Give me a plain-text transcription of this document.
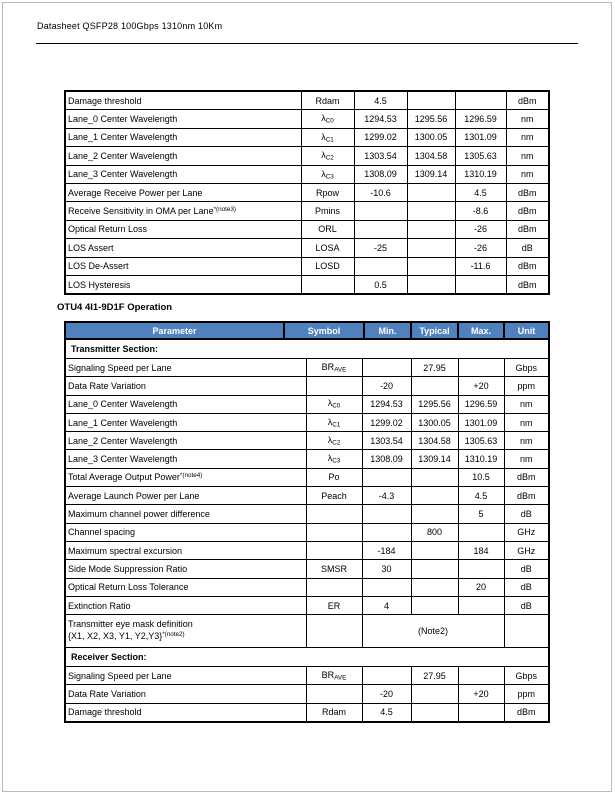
Datasheet QSFP28 100Gbps 1310nm 10Km
Damage threshold	Rdam	4.5			dBm
Lane_0 Center Wavelength	$\lambda_{C0}$	1294.53	1295.56	1296.59	nm
Lane_1 Center Wavelength	$\lambda_{C1}$	1299.02	1300.05	1301.09	nm
Lane_2 Center Wavelength	$\lambda_{C2}$	1303.54	1304.58	1305.63	nm
Lane_3 Center Wavelength	$\lambda_{C3}$	1308.09	1309.14	1310.19	nm
Average Receive Power per Lane	Rpow	-10.6		4.5	dBm
Receive Sensitivity in OMA per Lane$^{*(note3)}$	Pmins			-8.6	dBm
Optical Return Loss	ORL			-26	dBm
LOS Assert	LOSA	-25		-26	dB
LOS De-Assert	LOSD			-11.6	dBm
LOS Hysteresis		0.5			dBm
OTU4 4I1-9D1F Operation
Parameter	Symbol	Min.	Typical	Max.	Unit
Transmitter Section:					
Signaling Speed per Lane	$BR_{AVE}$		27.95		Gbps
Data Rate Variation		-20		+20	ppm
Lane_0 Center Wavelength	$\lambda_{C0}$	1294.53	1295.56	1296.59	nm
Lane_1 Center Wavelength	$\lambda_{C1}$	1299.02	1300.05	1301.09	nm
Lane_2 Center Wavelength	$\lambda_{C2}$	1303.54	1304.58	1305.63	nm
Lane_3 Center Wavelength	$\lambda_{C3}$	1308.09	1309.14	1310.19	nm
Total Average Output Power$^{*(note4)}$	Po			10.5	dBm
Average Launch Power per Lane	Peach	-4.3		4.5	dBm
Maximum channel power difference				5	dB
Channel spacing			800		GHz
Maximum spectral excursion		-184		184	GHz
Side Mode Suppression Ratio	SMSR	30			dB
Optical Return Loss Tolerance				20	dB
Extinction Ratio	ER	4			dB
Transmitter eye mask definition
{X1, X2, X3, Y1, Y2,Y3}$^{*(note2)}$		(Note2)			
Receiver Section:					
Signaling Speed per Lane	$BR_{AVE}$		27.95		Gbps
Data Rate Variation		-20		+20	ppm
Damage threshold	Rdam	4.5			dBm
